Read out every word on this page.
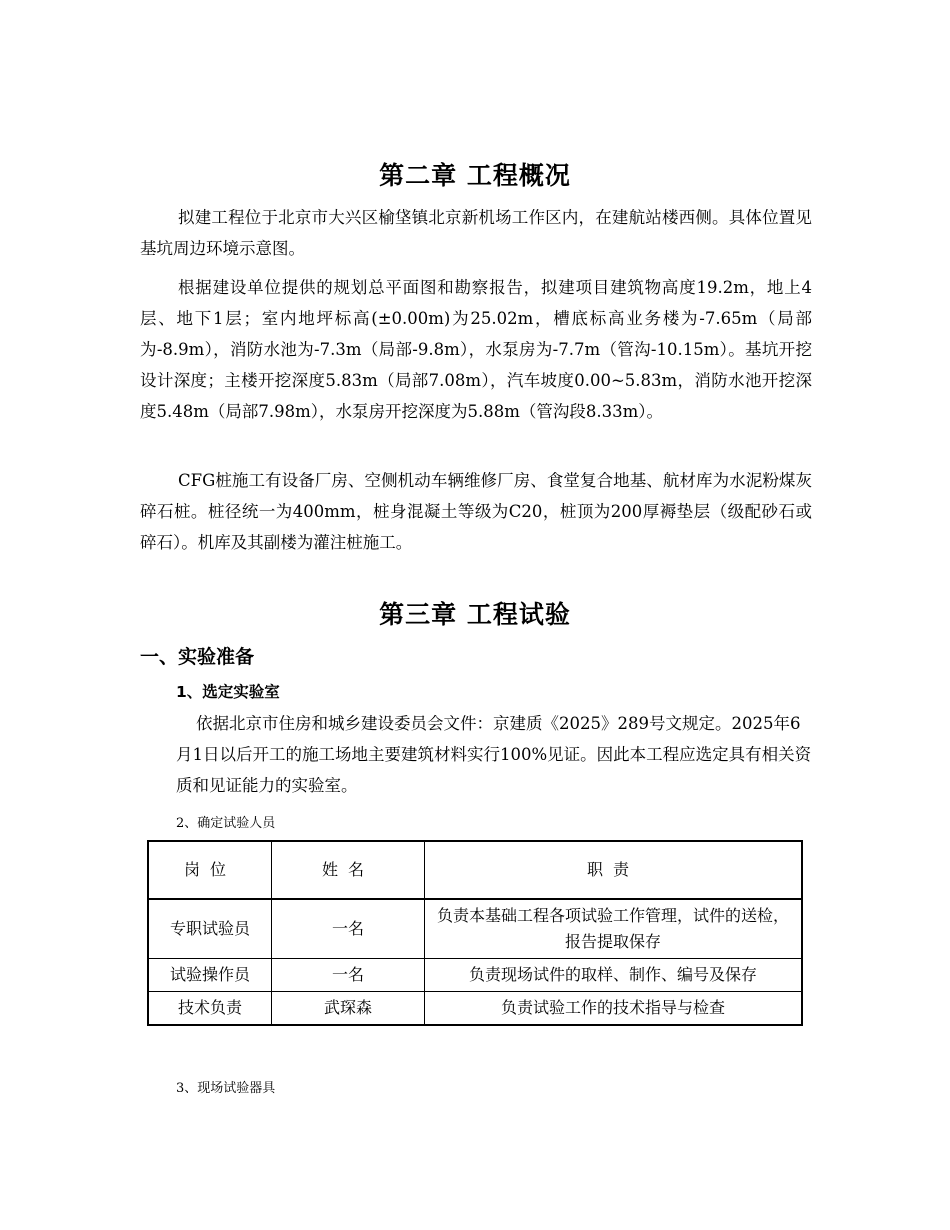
第二章 工程概况

拟建工程位于北京市大兴区榆垡镇北京新机场工作区内，在建航站楼西侧。具体位置见基坑周边环境示意图。

根据建设单位提供的规划总平面图和勘察报告，拟建项目建筑物高度19.2m，地上4层、地下1层；室内地坪标高(±0.00m)为25.02m，槽底标高业务楼为-7.65m（局部为-8.9m），消防水池为-7.3m（局部-9.8m），水泵房为-7.7m（管沟-10.15m）。基坑开挖设计深度；主楼开挖深度5.83m（局部7.08m），汽车坡度0.00~5.83m，消防水池开挖深度5.48m（局部7.98m），水泵房开挖深度为5.88m（管沟段8.33m）。

CFG桩施工有设备厂房、空侧机动车辆维修厂房、食堂复合地基、航材库为水泥粉煤灰碎石桩。桩径统一为400mm，桩身混凝土等级为C20，桩顶为200厚褥垫层（级配砂石或碎石）。机库及其副楼为灌注桩施工。

第三章 工程试验
一、实验准备
1、选定实验室

依据北京市住房和城乡建设委员会文件：京建质《2025》289号文规定。2025年6月1日以后开工的施工场地主要建筑材料实行100%见证。因此本工程应选定具有相关资质和见证能力的实验室。

2、确定试验人员
岗位	姓名	职责
专职试验员	一名	负责本基础工程各项试验工作管理，试件的送检，报告提取保存
试验操作员	一名	负责现场试件的取样、制作、编号及保存
技术负责	武琛森	负责试验工作的技术指导与检查
3、现场试验器具
